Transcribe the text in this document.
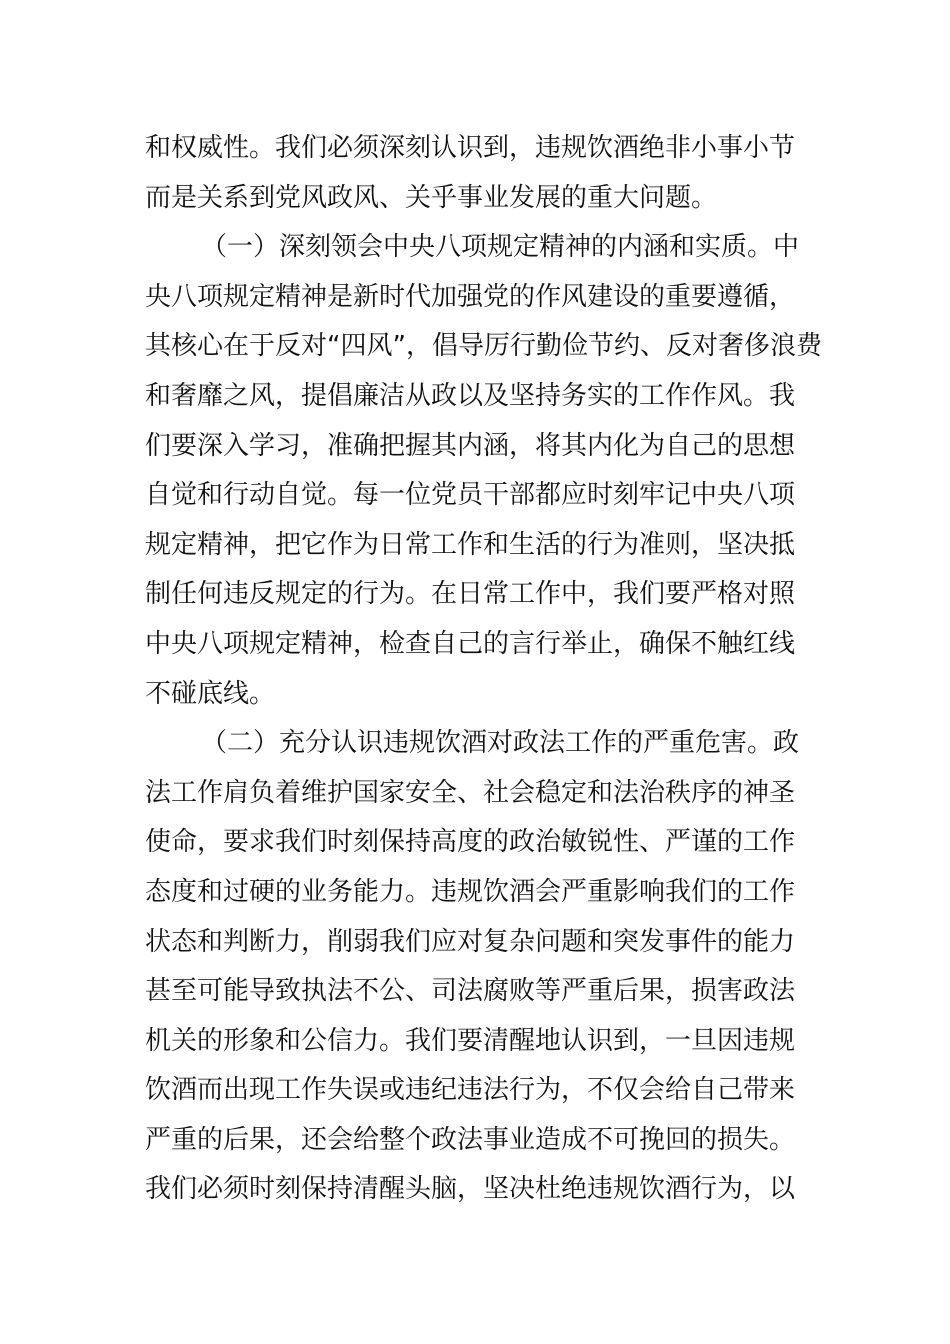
和权威性。我们必须深刻认识到，违规饮酒绝非小事小节
而是关系到党风政风、关乎事业发展的重大问题。
（一）深刻领会中央八项规定精神的内涵和实质。中
央八项规定精神是新时代加强党的作风建设的重要遵循，
其核心在于反对“四风”，倡导厉行勤俭节约、反对奢侈浪费
和奢靡之风，提倡廉洁从政以及坚持务实的工作作风。我
们要深入学习，准确把握其内涵，将其内化为自己的思想
自觉和行动自觉。每一位党员干部都应时刻牢记中央八项
规定精神，把它作为日常工作和生活的行为准则，坚决抵
制任何违反规定的行为。在日常工作中，我们要严格对照
中央八项规定精神，检查自己的言行举止，确保不触红线
不碰底线。
（二）充分认识违规饮酒对政法工作的严重危害。政
法工作肩负着维护国家安全、社会稳定和法治秩序的神圣
使命，要求我们时刻保持高度的政治敏锐性、严谨的工作
态度和过硬的业务能力。违规饮酒会严重影响我们的工作
状态和判断力，削弱我们应对复杂问题和突发事件的能力
甚至可能导致执法不公、司法腐败等严重后果，损害政法
机关的形象和公信力。我们要清醒地认识到，一旦因违规
饮酒而出现工作失误或违纪违法行为，不仅会给自己带来
严重的后果，还会给整个政法事业造成不可挽回的损失。
我们必须时刻保持清醒头脑，坚决杜绝违规饮酒行为，以
